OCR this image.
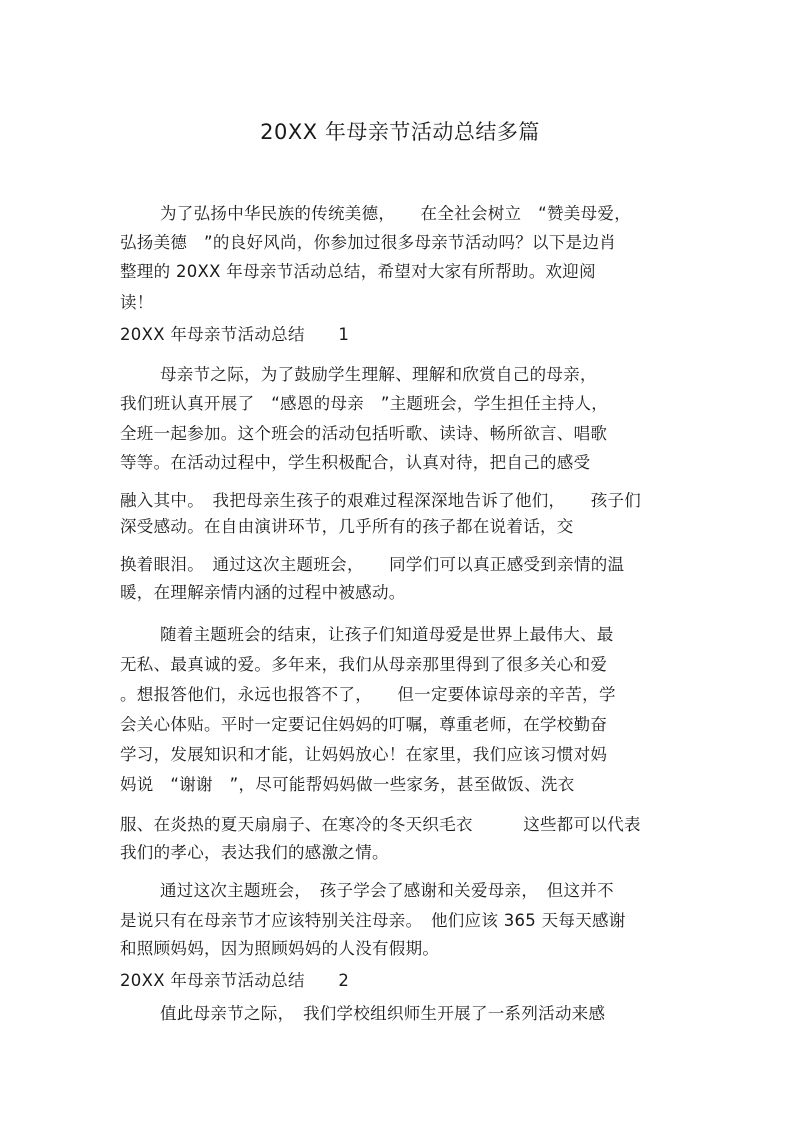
20XX 年母亲节活动总结多篇
为了弘扬中华民族的传统美德，　　在全社会树立　“赞美母爱，
弘扬美德　”的良好风尚，你参加过很多母亲节活动吗？以下是边肖
整理的 20XX 年母亲节活动总结，希望对大家有所帮助。欢迎阅
读！
20XX 年母亲节活动总结　　1
母亲节之际，为了鼓励学生理解、理解和欣赏自己的母亲，
我们班认真开展了　“感恩的母亲　”主题班会，学生担任主持人，
全班一起参加。这个班会的活动包括听歌、读诗、畅所欲言、唱歌
等等。在活动过程中，学生积极配合，认真对待，把自己的感受
融入其中。　我把母亲生孩子的艰难过程深深地告诉了他们，　　孩子们
深受感动。在自由演讲环节，几乎所有的孩子都在说着话，交
换着眼泪。　通过这次主题班会，　　同学们可以真正感受到亲情的温
暖，在理解亲情内涵的过程中被感动。
随着主题班会的结束，让孩子们知道母爱是世界上最伟大、最
无私、最真诚的爱。多年来，我们从母亲那里得到了很多关心和爱
。想报答他们，永远也报答不了，　　但一定要体谅母亲的辛苦，学
会关心体贴。平时一定要记住妈妈的叮嘱，尊重老师，在学校勤奋
学习，发展知识和才能，让妈妈放心！在家里，我们应该习惯对妈
妈说　“谢谢　”，尽可能帮妈妈做一些家务，甚至做饭、洗衣
服、在炎热的夏天扇扇子、在寒冷的冬天织毛衣　　　这些都可以代表
我们的孝心，表达我们的感激之情。
通过这次主题班会，　孩子学会了感谢和关爱母亲，　但这并不
是说只有在母亲节才应该特别关注母亲。　他们应该 365 天每天感谢
和照顾妈妈，因为照顾妈妈的人没有假期。
20XX 年母亲节活动总结　　2
值此母亲节之际，　我们学校组织师生开展了一系列活动来感
